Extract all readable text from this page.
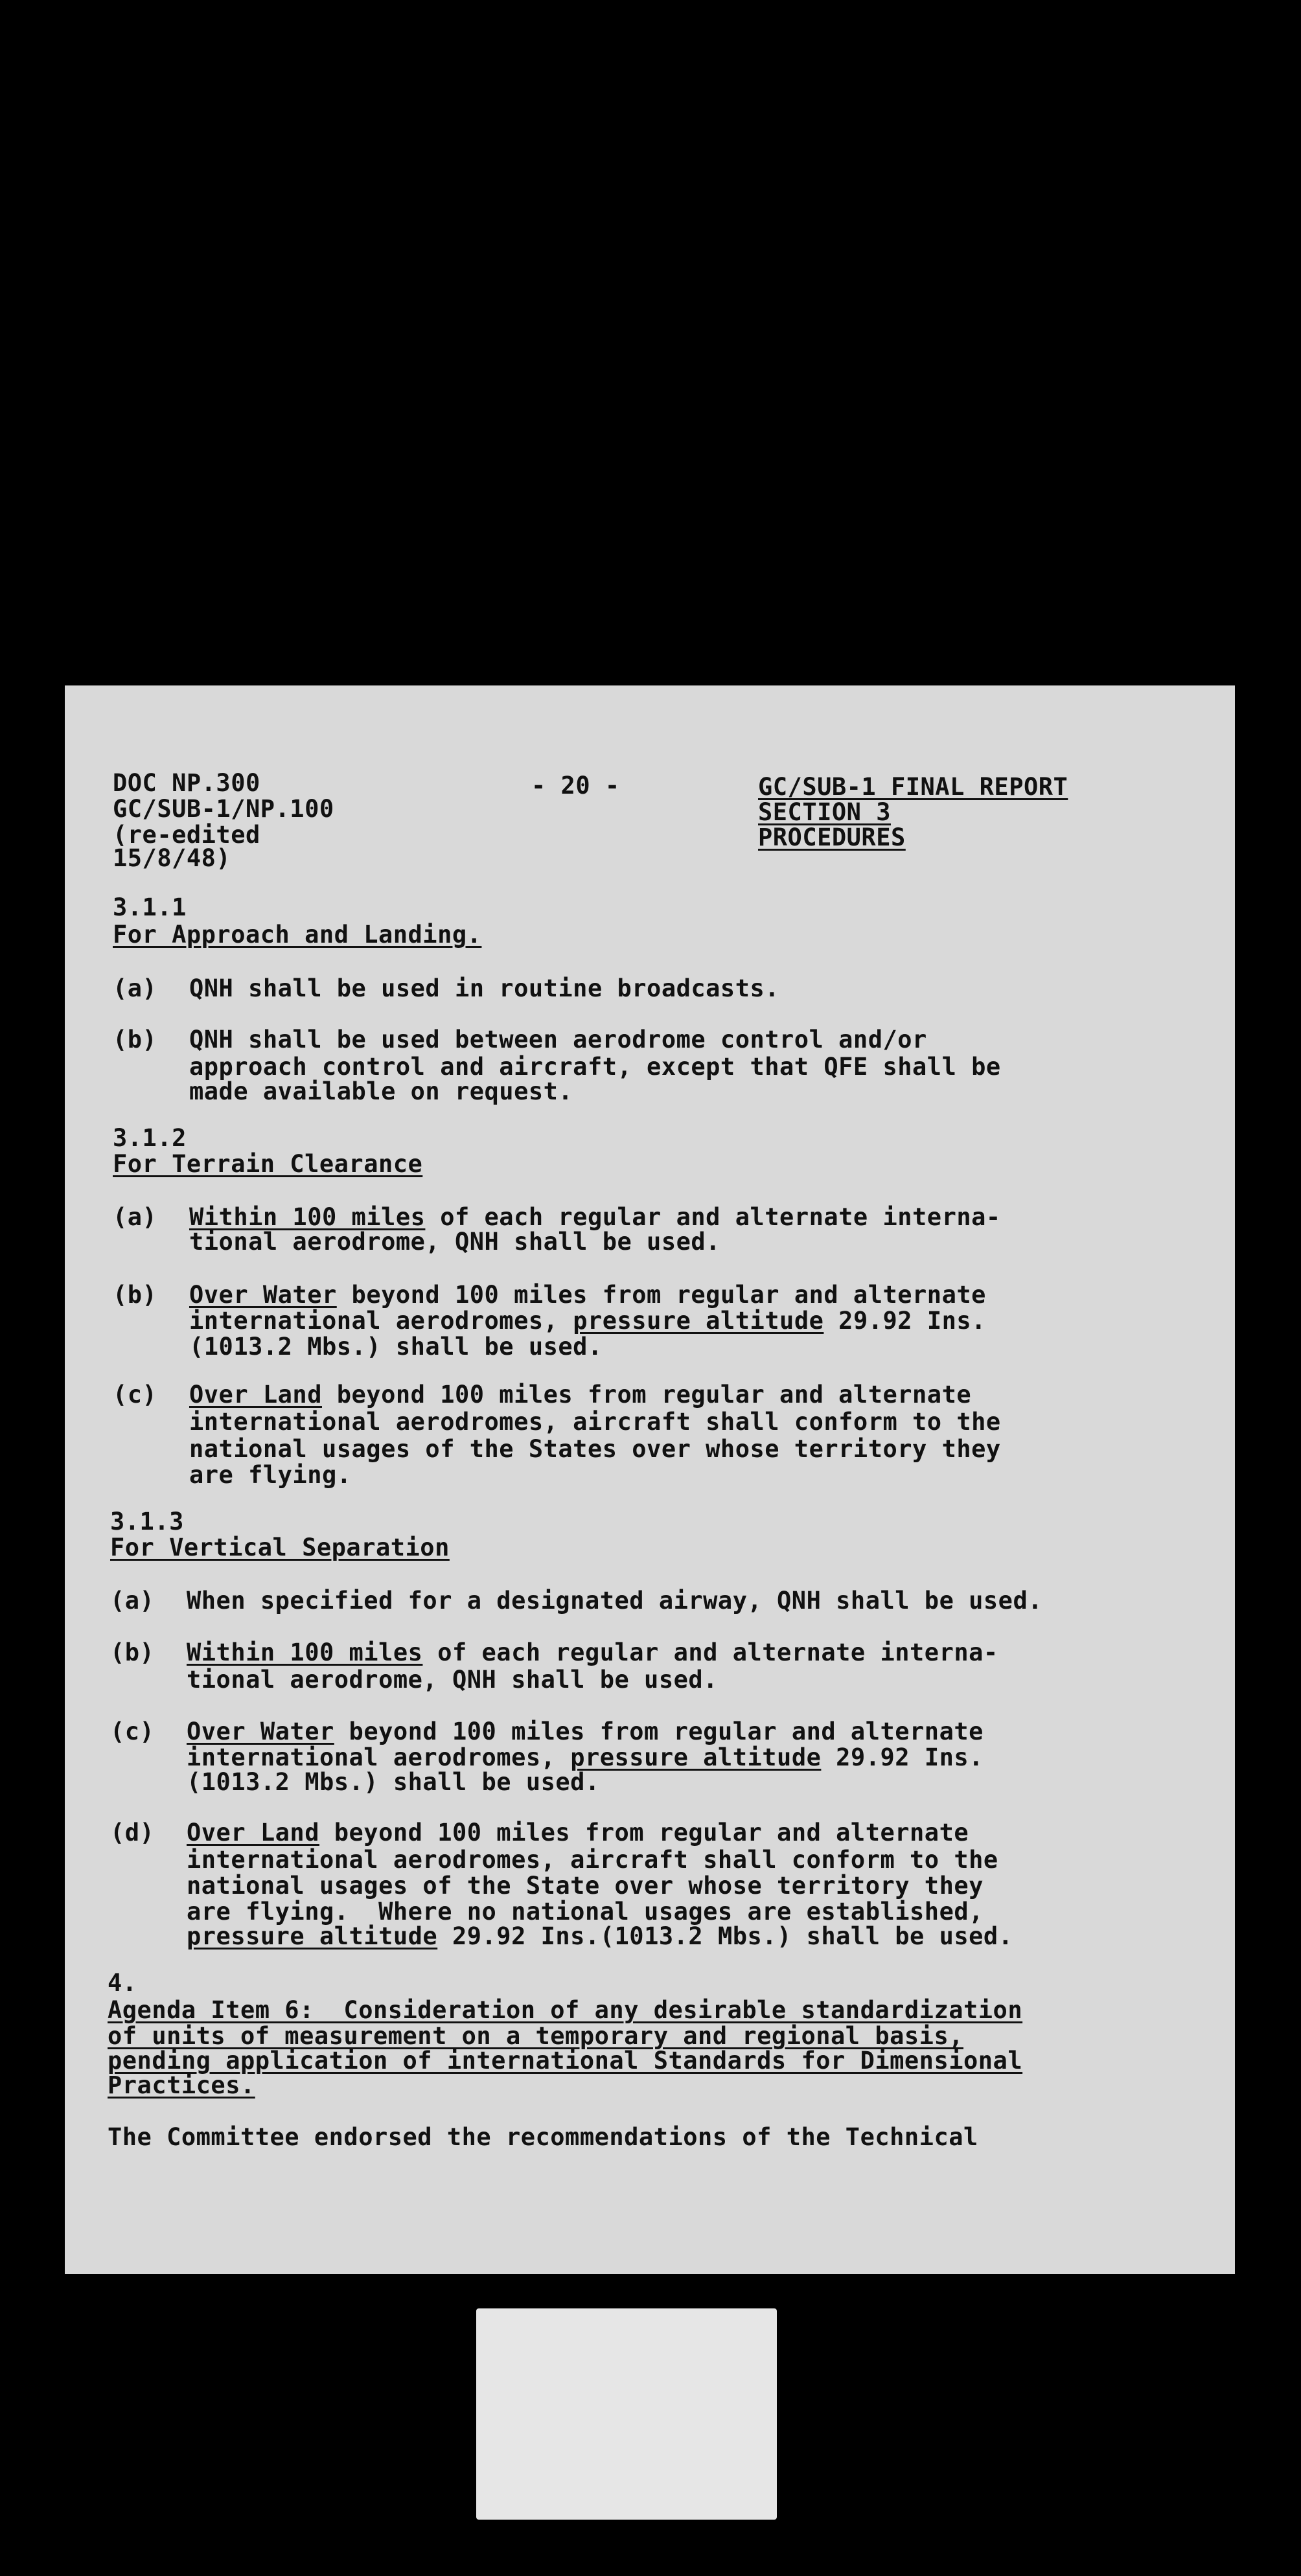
DOC NP.300
GC/SUB-1/NP.100
(re-edited
15/8/48)
- 20 -	GC/SUB-1 FINAL REPORT
SECTION 3
PROCEDURES
3.1.1
For Approach and Landing.
(a) QNH shall be used in routine broadcasts.
(b) QNH shall be used between aerodrome control and/or
approach control and aircraft, except that QFE shall be
made available on request.
3.1.2
For Terrain Clearance
(a) Within 100 miles of each regular and alternate interna-
tional aerodrome, QNH shall be used.
(b) Over Water beyond 100 miles from regular and alternate
international aerodromes, pressure altitude 29.92 Ins.
(1013.2 Mbs.) shall be used.
(c) Over Land beyond 100 miles from regular and alternate
international aerodromes, aircraft shall conform to the
national usages of the States over whose territory they
are flying.
3.1.3
For Vertical Separation
(a) When specified for a designated airway, QNH shall be used.
(b) Within 100 miles of each regular and alternate interna-
tional aerodrome, QNH shall be used.
(c) Over Water beyond 100 miles from regular and alternate
international aerodromes, pressure altitude 29.92 Ins.
(1013.2 Mbs.) shall be used.
(d) Over Land beyond 100 miles from regular and alternate
international aerodromes, aircraft shall conform to the
national usages of the State over whose territory they
are flying.  Where no national usages are established,
pressure altitude 29.92 Ins.(1013.2 Mbs.) shall be used.
4.
Agenda Item 6:  Consideration of any desirable standardization
of units of measurement on a temporary and regional basis,
pending application of international Standards for Dimensional
Practices.
The Committee endorsed the recommendations of the Technical
